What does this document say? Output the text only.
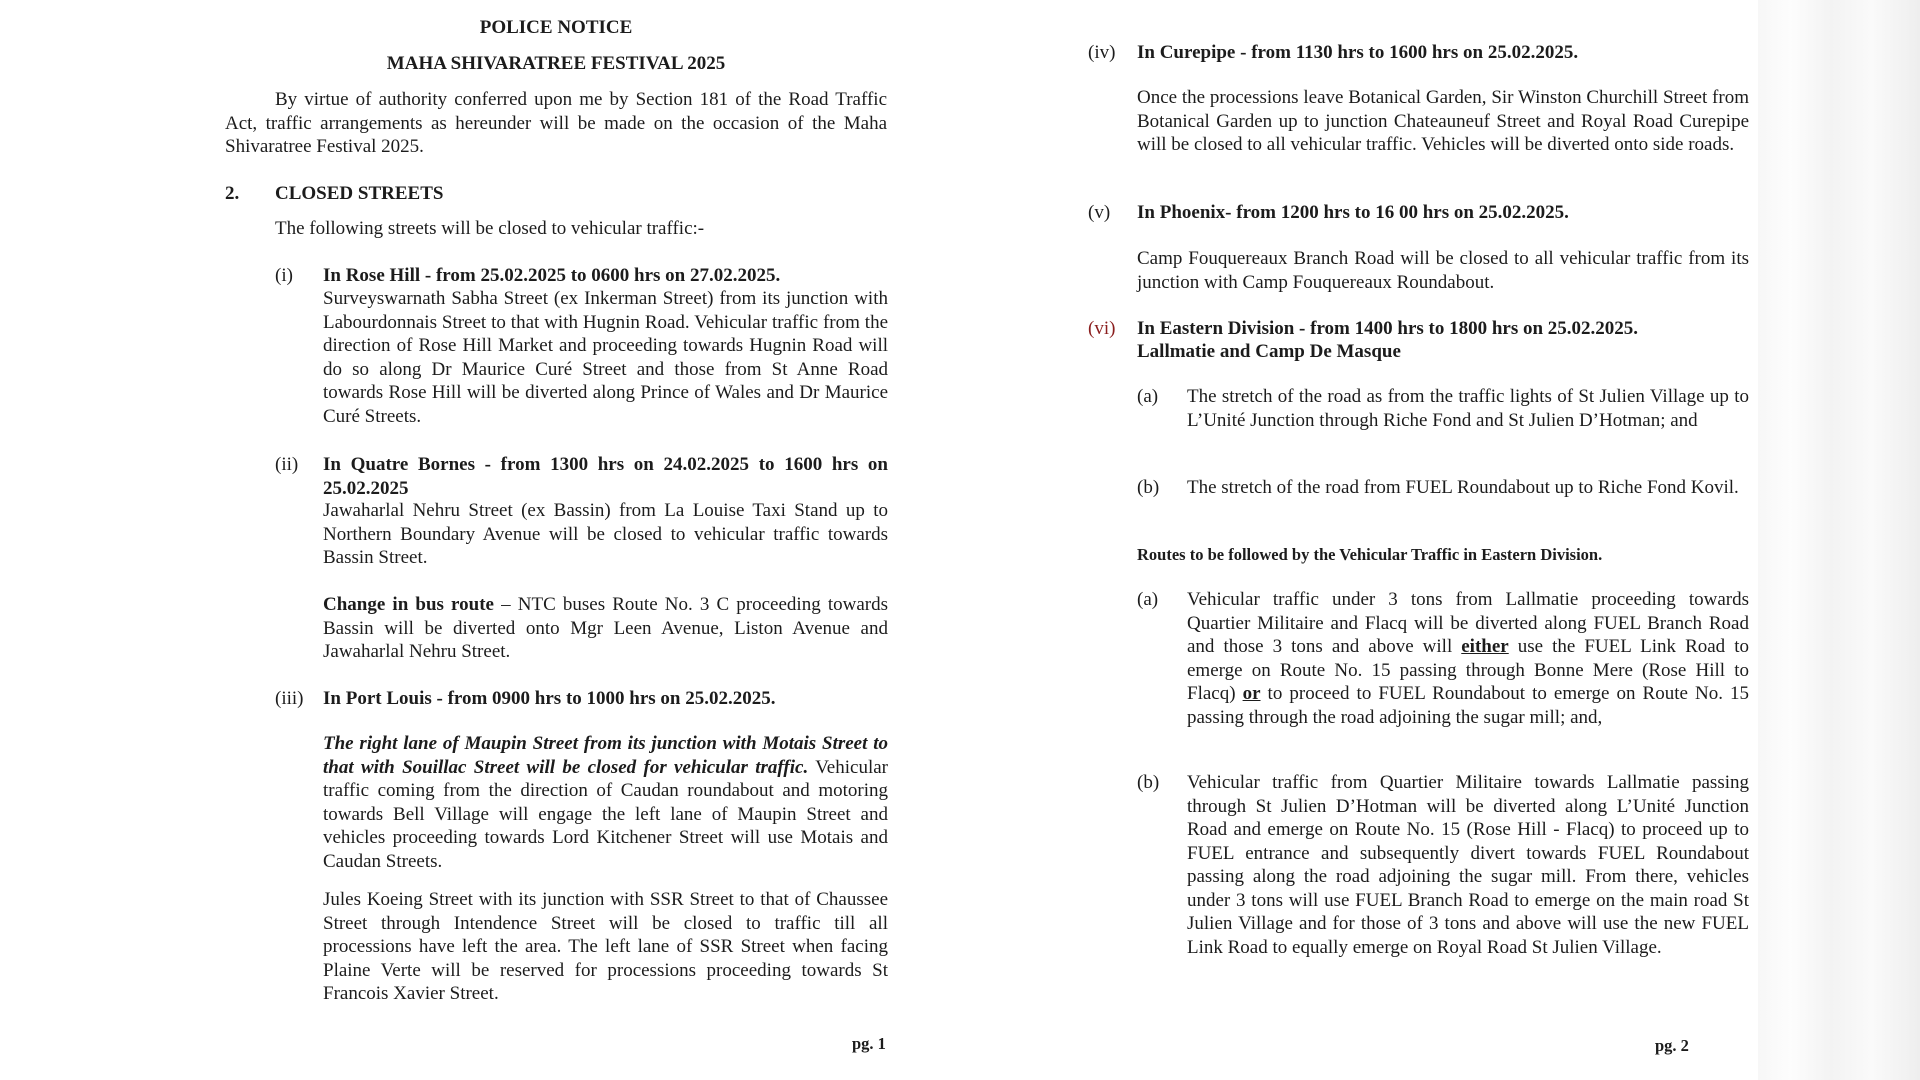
POLICE NOTICE
MAHA SHIVARATREE FESTIVAL 2025

By virtue of authority conferred upon me by Section 181 of the Road Traffic Act, traffic arrangements as hereunder will be made on the occasion of the Maha Shivaratree Festival 2025.

2. CLOSED STREETS
The following streets will be closed to vehicular traffic:-
(i) In Rose Hill - from 25.02.2025 to 0600 hrs on 27.02.2025.

Surveyswarnath Sabha Street (ex Inkerman Street) from its junction with Labourdonnais Street to that with Hugnin Road. Vehicular traffic from the direction of Rose Hill Market and proceeding towards Hugnin Road will do so along Dr Maurice Curé Street and those from St Anne Road towards Rose Hill will be diverted along Prince of Wales and Dr Maurice Curé Streets.

(ii) In Quatre Bornes - from 1300 hrs on 24.02.2025 to 1600 hrs on 25.02.2025

Jawaharlal Nehru Street (ex Bassin) from La Louise Taxi Stand up to Northern Boundary Avenue will be closed to vehicular traffic towards Bassin Street.

Change in bus route – NTC buses Route No. 3 C proceeding towards Bassin will be diverted onto Mgr Leen Avenue, Liston Avenue and Jawaharlal Nehru Street.

(iii) In Port Louis - from 0900 hrs to 1000 hrs on 25.02.2025.

The right lane of Maupin Street from its junction with Motais Street to that with Souillac Street will be closed for vehicular traffic. Vehicular traffic coming from the direction of Caudan roundabout and motoring towards Bell Village will engage the left lane of Maupin Street and vehicles proceeding towards Lord Kitchener Street will use Motais and Caudan Streets.

Jules Koeing Street with its junction with SSR Street to that of Chaussee Street through Intendence Street will be closed to traffic till all processions have left the area. The left lane of SSR Street when facing Plaine Verte will be reserved for processions proceeding towards St Francois Xavier Street.

pg. 1
(iv) In Curepipe - from 1130 hrs to 1600 hrs on 25.02.2025.

Once the processions leave Botanical Garden, Sir Winston Churchill Street from Botanical Garden up to junction Chateauneuf Street and Royal Road Curepipe will be closed to all vehicular traffic. Vehicles will be diverted onto side roads.

(v) In Phoenix- from 1200 hrs to 16 00 hrs on 25.02.2025.

Camp Fouquereaux Branch Road will be closed to all vehicular traffic from its junction with Camp Fouquereaux Roundabout.

(vi) In Eastern Division - from 1400 hrs to 1800 hrs on 25.02.2025.
Lallmatie and Camp De Masque
(a) The stretch of the road as from the traffic lights of St Julien Village up to L’Unité Junction through Riche Fond and St Julien D’Hotman; and

(b) The stretch of the road from FUEL Roundabout up to Riche Fond Kovil.

Routes to be followed by the Vehicular Traffic in Eastern Division.
(a) Vehicular traffic under 3 tons from Lallmatie proceeding towards Quartier Militaire and Flacq will be diverted along FUEL Branch Road and those 3 tons and above will either use the FUEL Link Road to emerge on Route No. 15 passing through Bonne Mere (Rose Hill to Flacq) or to proceed to FUEL Roundabout to emerge on Route No. 15 passing through the road adjoining the sugar mill; and,

(b) Vehicular traffic from Quartier Militaire towards Lallmatie passing through St Julien D’Hotman will be diverted along L’Unité Junction Road and emerge on Route No. 15 (Rose Hill - Flacq) to proceed up to FUEL entrance and subsequently divert towards FUEL Roundabout passing along the road adjoining the sugar mill. From there, vehicles under 3 tons will use FUEL Branch Road to emerge on the main road St Julien Village and for those of 3 tons and above will use the new FUEL Link Road to equally emerge on Royal Road St Julien Village.

pg. 2
